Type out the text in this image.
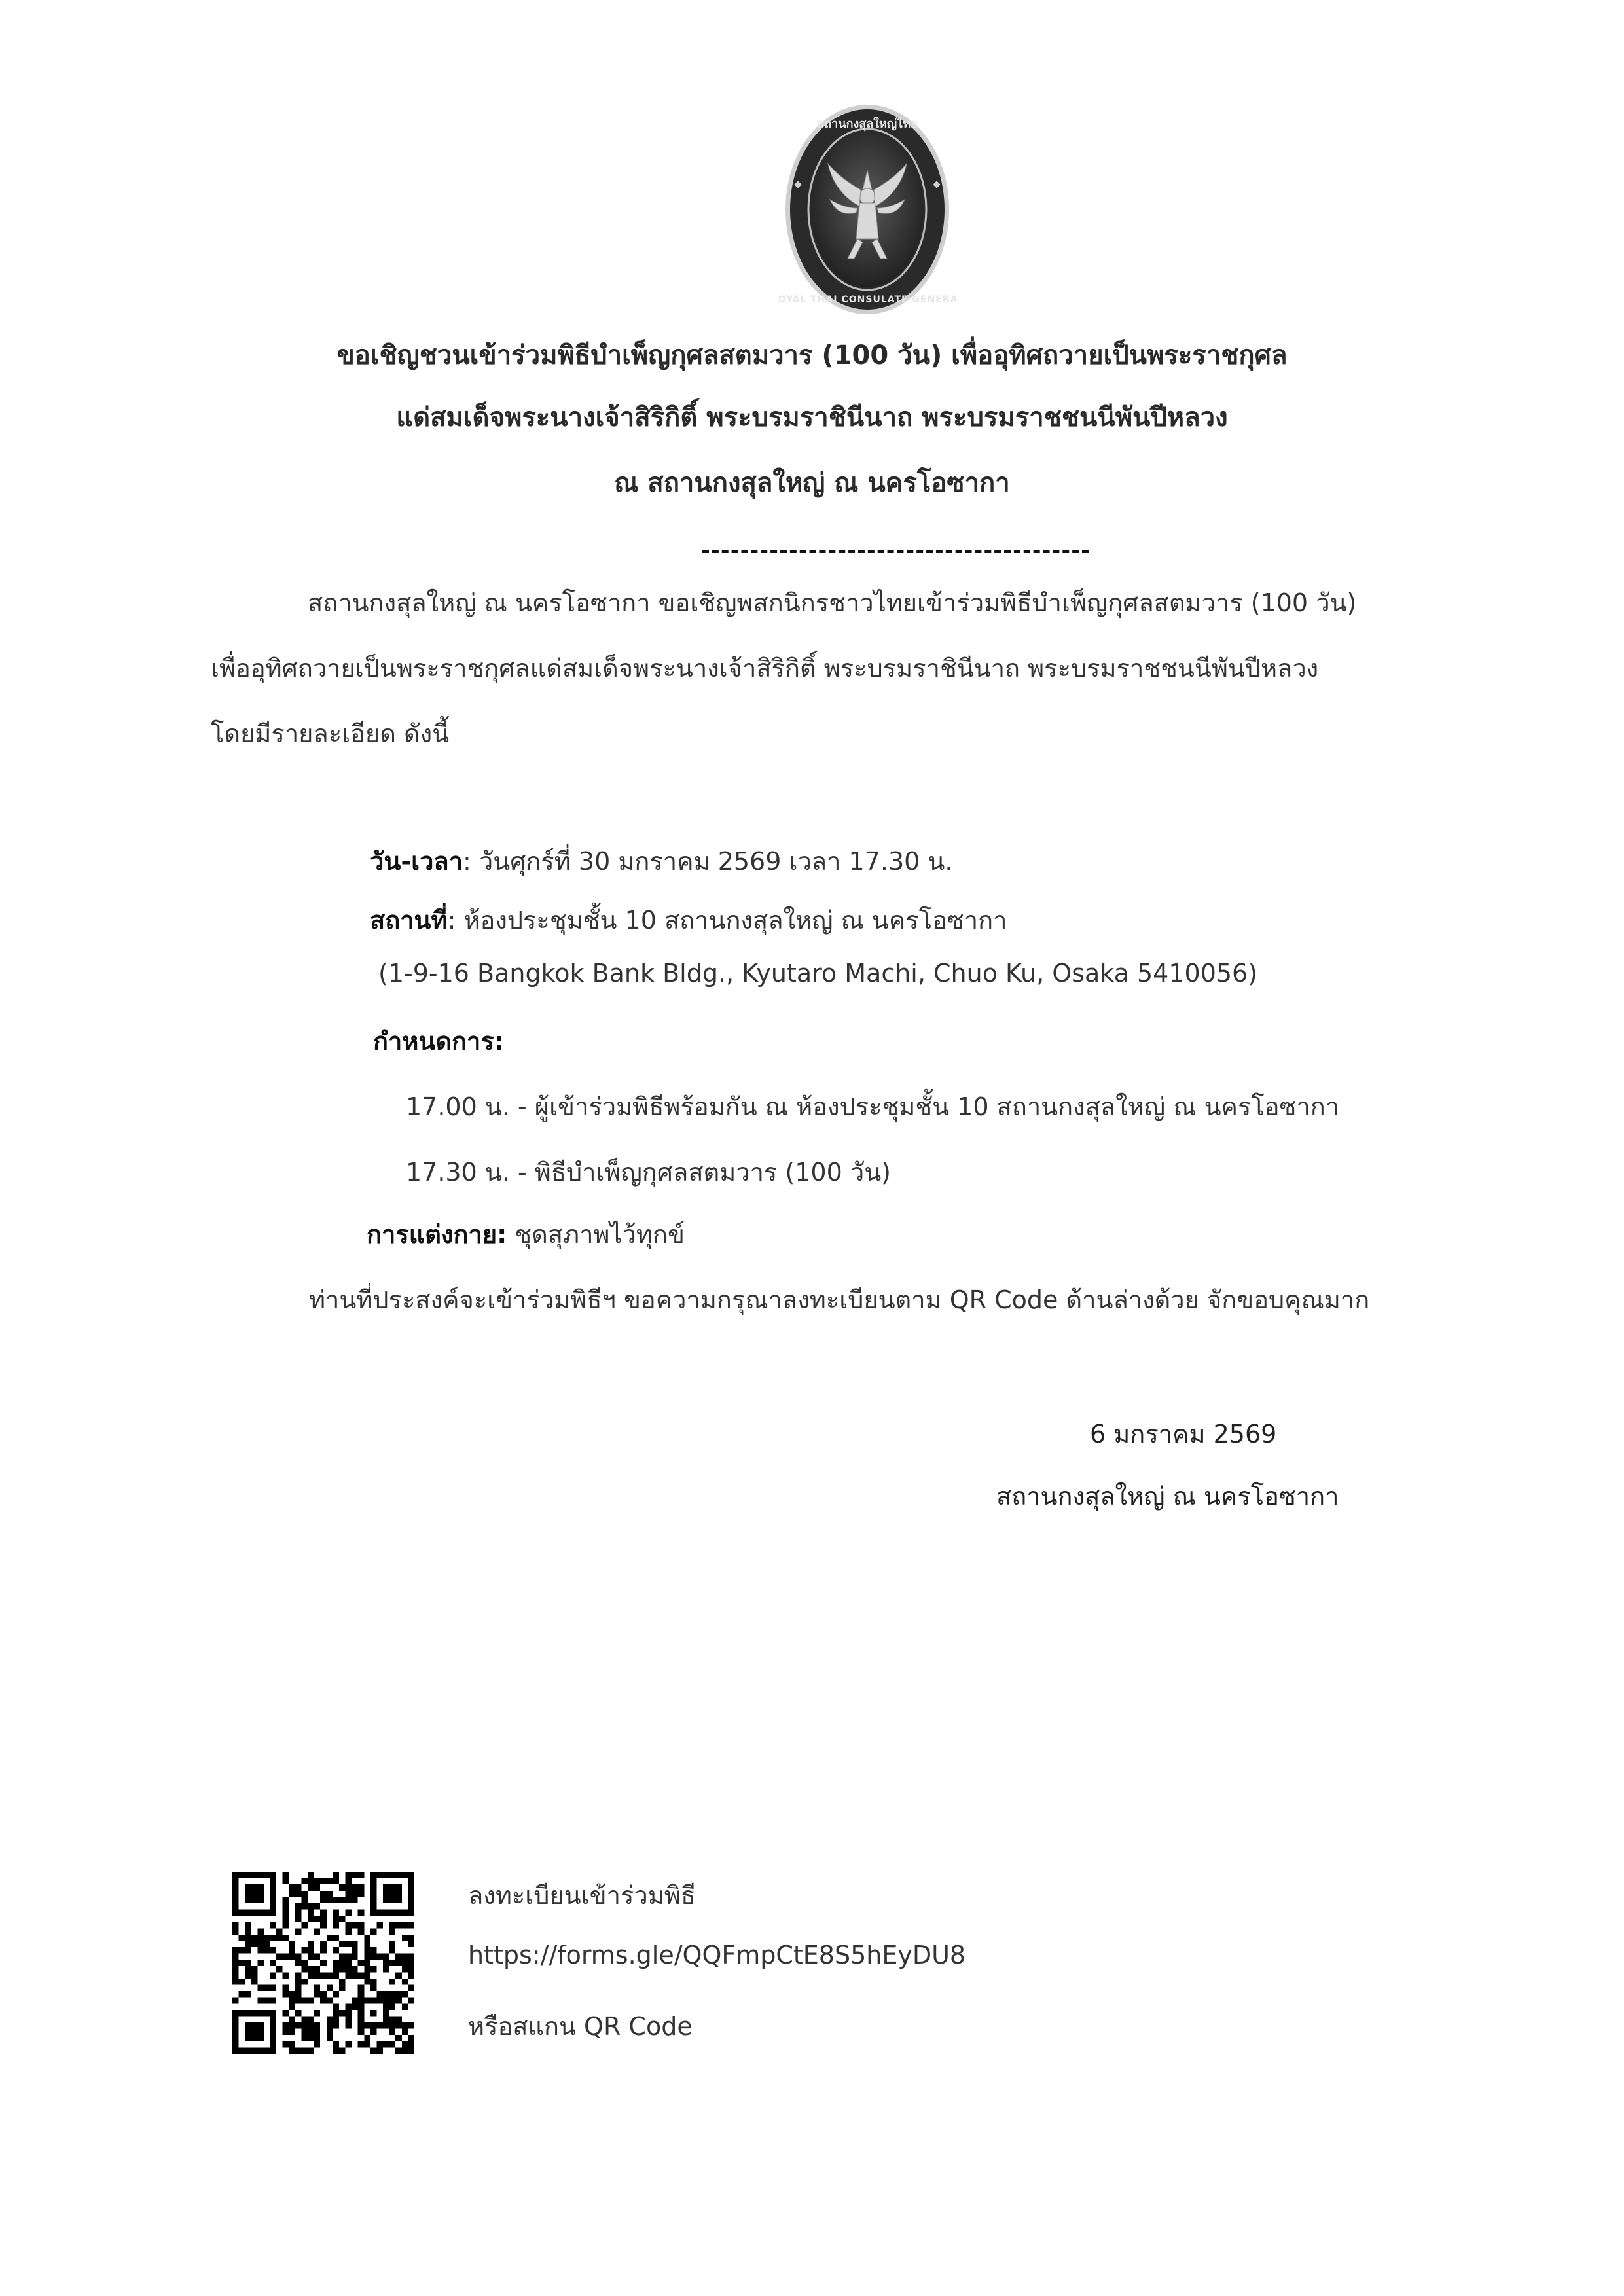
สถานกงสุลใหญ่ไทย
ROYAL THAI CONSULATE GENERAL
ขอเชิญชวนเข้าร่วมพิธีบำเพ็ญกุศลสตมวาร (100 วัน) เพื่ออุทิศถวายเป็นพระราชกุศล
แด่สมเด็จพระนางเจ้าสิริกิติ์ พระบรมราชินีนาถ พระบรมราชชนนีพันปีหลวง
ณ สถานกงสุลใหญ่ ณ นครโอซากา
สถานกงสุลใหญ่ ณ นครโอซากา ขอเชิญพสกนิกรชาวไทยเข้าร่วมพิธีบำเพ็ญกุศลสตมวาร (100 วัน)
เพื่ออุทิศถวายเป็นพระราชกุศลแด่สมเด็จพระนางเจ้าสิริกิติ์ พระบรมราชินีนาถ พระบรมราชชนนีพันปีหลวง
โดยมีรายละเอียด ดังนี้
วัน-เวลา: วันศุกร์ที่ 30 มกราคม 2569 เวลา 17.30 น.
สถานที่: ห้องประชุมชั้น 10 สถานกงสุลใหญ่ ณ นครโอซากา
(1-9-16 Bangkok Bank Bldg., Kyutaro Machi, Chuo Ku, Osaka 5410056)
กำหนดการ:
17.00 น. - ผู้เข้าร่วมพิธีพร้อมกัน ณ ห้องประชุมชั้น 10 สถานกงสุลใหญ่ ณ นครโอซากา
17.30 น. - พิธีบำเพ็ญกุศลสตมวาร (100 วัน)
การแต่งกาย: ชุดสุภาพไว้ทุกข์
ท่านที่ประสงค์จะเข้าร่วมพิธีฯ ขอความกรุณาลงทะเบียนตาม QR Code ด้านล่างด้วย จักขอบคุณมาก
6 มกราคม 2569
สถานกงสุลใหญ่ ณ นครโอซากา
ลงทะเบียนเข้าร่วมพิธี
https://forms.gle/QQFmpCtE8S5hEyDU8
หรือสแกน QR Code
